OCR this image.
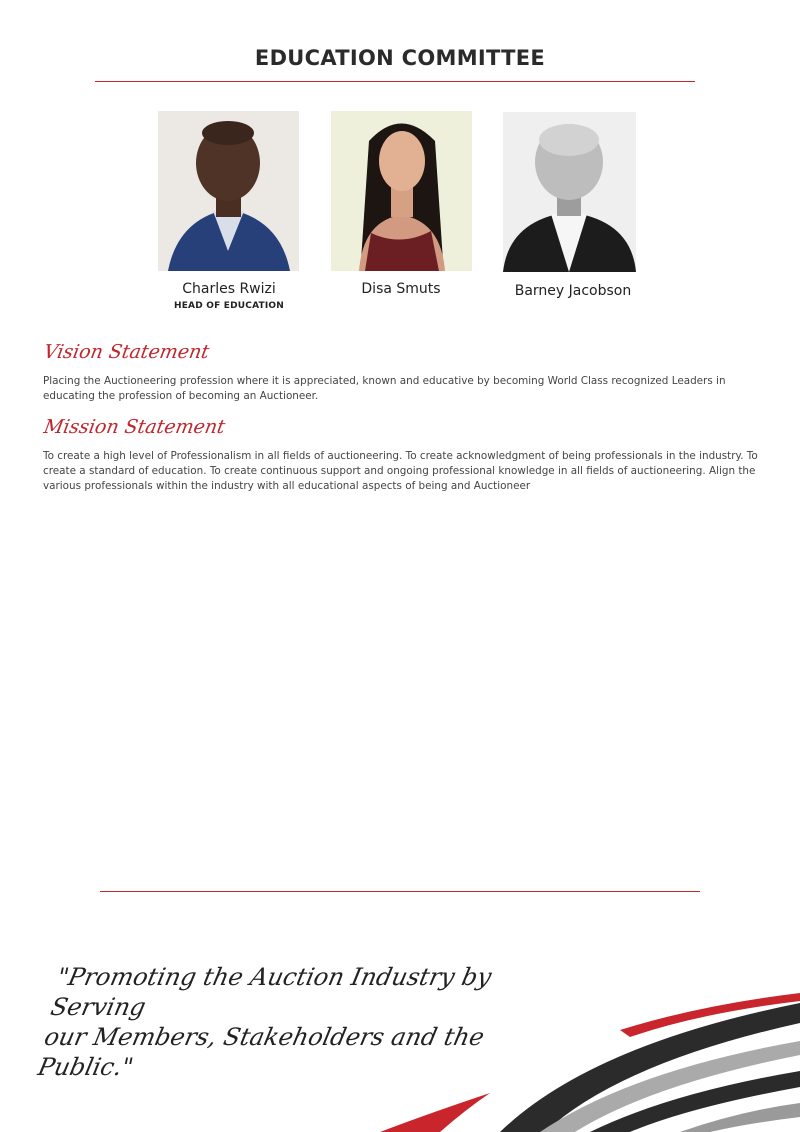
EDUCATION COMMITTEE
Charles Rwizi
HEAD OF EDUCATION
Disa Smuts	Barney Jacobson
Vision Statement
Placing the Auctioneering profession where it is appreciated, known and educative by becoming World Class recognized Leaders in educating the profession of becoming an Auctioneer.
Mission Statement
To create a high level of Professionalism in all fields of auctioneering. To create acknowledgment of being professionals in the industry. To create a standard of education. To create continuous support and ongoing professional knowledge in all fields of auctioneering. Align the various professionals within the industry with all educational aspects of being and Auctioneer
"Promoting the Auction Industry by Serving
our Members, Stakeholders and the Public."
